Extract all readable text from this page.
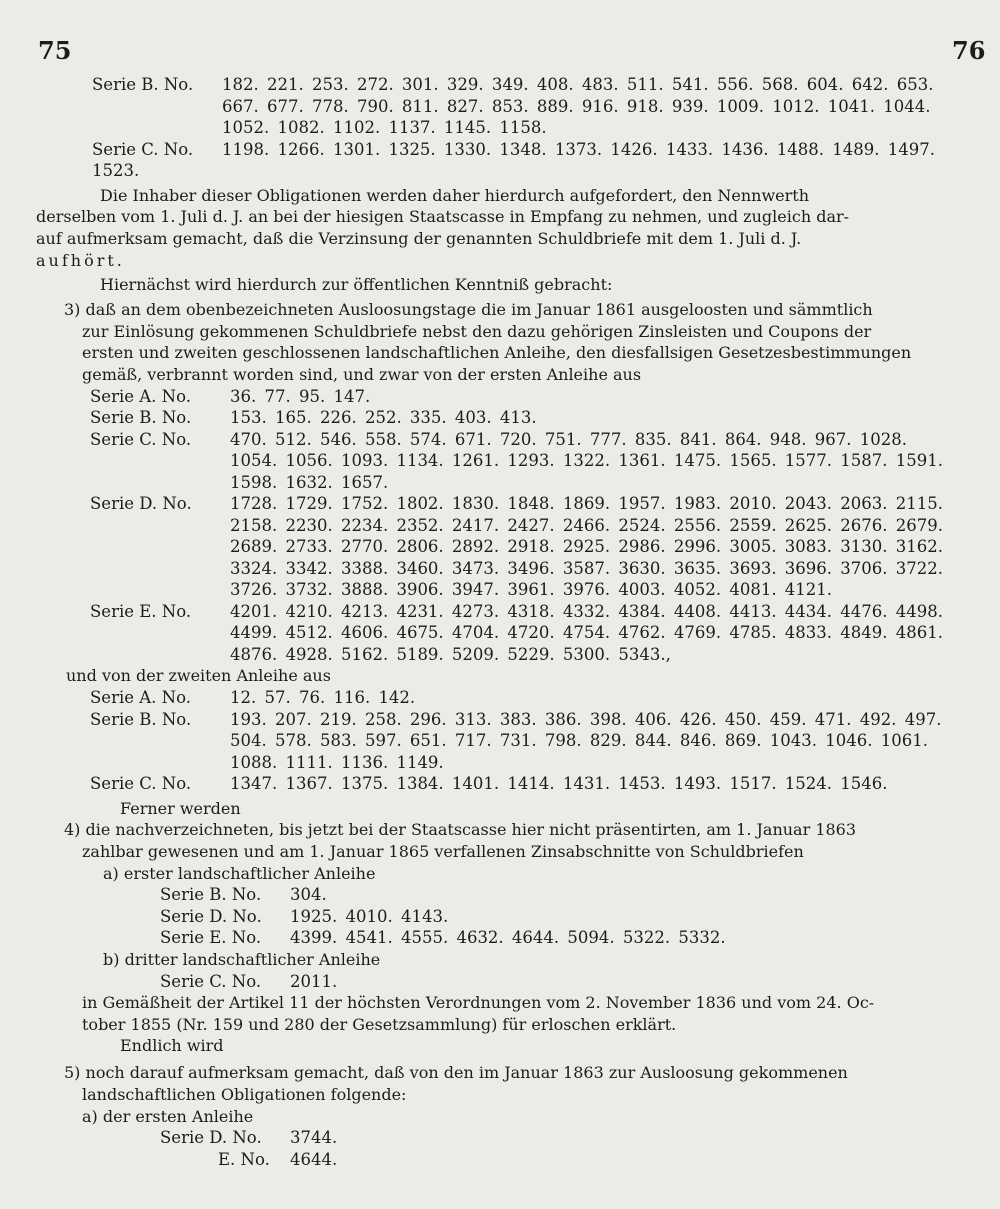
75	76
Serie B. No.	182. 221. 253. 272. 301. 329. 349. 408. 483. 511. 541. 556. 568. 604. 642. 653.
667. 677. 778. 790. 811. 827. 853. 889. 916. 918. 939. 1009. 1012. 1041. 1044.
1052. 1082. 1102. 1137. 1145. 1158.
Serie C. No.	1198. 1266. 1301. 1325. 1330. 1348. 1373. 1426. 1433. 1436. 1488. 1489. 1497.
1523.
Die Inhaber dieser Obligationen werden daher hierdurch aufgefordert, den Nennwerth
derselben vom 1. Juli d. J. an bei der hiesigen Staatscasse in Empfang zu nehmen, und zugleich dar-
auf aufmerksam gemacht, daß die Verzinsung der genannten Schuldbriefe mit dem 1. Juli d. J.
aufhört.
Hiernächst wird hierdurch zur öffentlichen Kenntniß gebracht:
3) daß an dem obenbezeichneten Ausloosungstage die im Januar 1861 ausgeloosten und sämmtlich
zur Einlösung gekommenen Schuldbriefe nebst den dazu gehörigen Zinsleisten und Coupons der
ersten und zweiten geschlossenen landschaftlichen Anleihe, den diesfallsigen Gesetzesbestimmungen
gemäß, verbrannt worden sind, und zwar von der ersten Anleihe aus
Serie A. No.	36. 77. 95. 147.
Serie B. No.	153. 165. 226. 252. 335. 403. 413.
Serie C. No.	470. 512. 546. 558. 574. 671. 720. 751. 777. 835. 841. 864. 948. 967. 1028.
1054. 1056. 1093. 1134. 1261. 1293. 1322. 1361. 1475. 1565. 1577. 1587. 1591.
1598. 1632. 1657.
Serie D. No.	1728. 1729. 1752. 1802. 1830. 1848. 1869. 1957. 1983. 2010. 2043. 2063. 2115.
2158. 2230. 2234. 2352. 2417. 2427. 2466. 2524. 2556. 2559. 2625. 2676. 2679.
2689. 2733. 2770. 2806. 2892. 2918. 2925. 2986. 2996. 3005. 3083. 3130. 3162.
3324. 3342. 3388. 3460. 3473. 3496. 3587. 3630. 3635. 3693. 3696. 3706. 3722.
3726. 3732. 3888. 3906. 3947. 3961. 3976. 4003. 4052. 4081. 4121.
Serie E. No.	4201. 4210. 4213. 4231. 4273. 4318. 4332. 4384. 4408. 4413. 4434. 4476. 4498.
4499. 4512. 4606. 4675. 4704. 4720. 4754. 4762. 4769. 4785. 4833. 4849. 4861.
4876. 4928. 5162. 5189. 5209. 5229. 5300. 5343.,
und von der zweiten Anleihe aus
Serie A. No.	12. 57. 76. 116. 142.
Serie B. No.	193. 207. 219. 258. 296. 313. 383. 386. 398. 406. 426. 450. 459. 471. 492. 497.
504. 578. 583. 597. 651. 717. 731. 798. 829. 844. 846. 869. 1043. 1046. 1061.
1088. 1111. 1136. 1149.
Serie C. No.	1347. 1367. 1375. 1384. 1401. 1414. 1431. 1453. 1493. 1517. 1524. 1546.
Ferner werden
4) die nachverzeichneten, bis jetzt bei der Staatscasse hier nicht präsentirten, am 1. Januar 1863
zahlbar gewesenen und am 1. Januar 1865 verfallenen Zinsabschnitte von Schuldbriefen
a) erster landschaftlicher Anleihe
Serie B. No.	304.
Serie D. No.	1925. 4010. 4143.
Serie E. No.	4399. 4541. 4555. 4632. 4644. 5094. 5322. 5332.
b) dritter landschaftlicher Anleihe
Serie C. No.	2011.
in Gemäßheit der Artikel 11 der höchsten Verordnungen vom 2. November 1836 und vom 24. Oc-
tober 1855 (Nr. 159 und 280 der Gesetzsammlung) für erloschen erklärt.
Endlich wird
5) noch darauf aufmerksam gemacht, daß von den im Januar 1863 zur Ausloosung gekommenen
landschaftlichen Obligationen folgende:
a) der ersten Anleihe
Serie D. No.	3744.
E. No.	4644.
